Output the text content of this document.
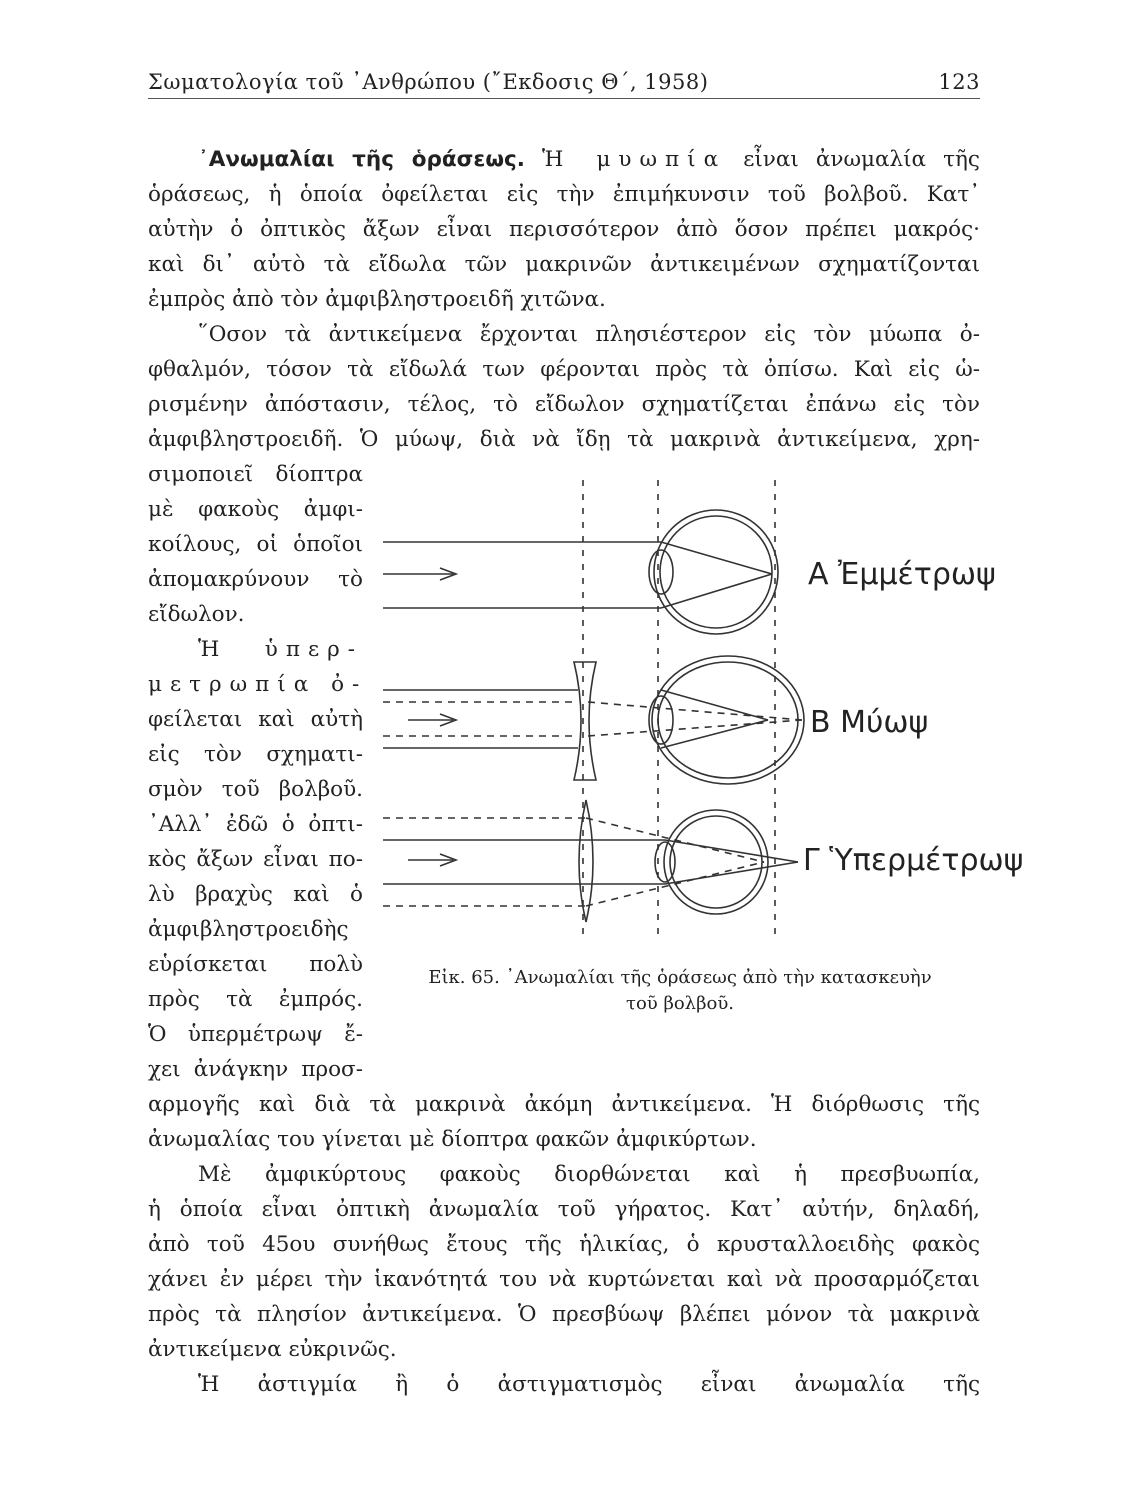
Σωματολογία τοῦ ᾿Ανθρώπου (῎Εκδοσις Θ΄, 1958)	123
᾿Ανωμαλίαι τῆς ὁράσεως. Ἡ μυωπία εἶναι ἀνωμαλία τῆς
ὁράσεως, ἡ ὁποία ὀφείλεται εἰς τὴν ἐπιμήκυνσιν τοῦ βολβοῦ. Κατ᾿
αὐτὴν ὁ ὀπτικὸς ἄξων εἶναι περισσότερον ἀπὸ ὅσον πρέπει μακρός·
καὶ δι᾿ αὐτὸ τὰ εἴδωλα τῶν μακρινῶν ἀντικειμένων σχηματίζονται
ἐμπρὸς ἀπὸ τὸν ἀμφιβληστροειδῆ χιτῶνα.
῞Οσον τὰ ἀντικείμενα ἔρχονται πλησιέστερον εἰς τὸν μύωπα ὀ-
φθαλμόν, τόσον τὰ εἴδωλά των φέρονται πρὸς τὰ ὀπίσω. Καὶ εἰς ὡ-
ρισμένην ἀπόστασιν, τέλος, τὸ εἴδωλον σχηματίζεται ἐπάνω εἰς τὸν
ἀμφιβληστροειδῆ. Ὁ μύωψ, διὰ νὰ ἴδῃ τὰ μακρινὰ ἀντικείμενα, χρη-
σιμοποιεῖ δίοπτρα
μὲ φακοὺς ἀμφι-
κοίλους, οἱ ὁποῖοι
ἀπομακρύνουν τὸ
εἴδωλον.
Ἡ ὑπερ-
μετρωπία ὀ-
φείλεται καὶ αὐτὴ
εἰς τὸν σχηματι-
σμὸν τοῦ βολβοῦ.
᾿Αλλ᾿ ἐδῶ ὁ ὀπτι-
κὸς ἄξων εἶναι πο-
λὺ βραχὺς καὶ ὁ
ἀμφιβληστροειδὴς
εὑρίσκεται πολὺ
πρὸς τὰ ἐμπρός.
Ὁ ὑπερμέτρωψ ἔ-
χει ἀνάγκην προσ-
αρμογῆς καὶ διὰ τὰ μακρινὰ ἀκόμη ἀντικείμενα. Ἡ διόρθωσις τῆς
ἀνωμαλίας του γίνεται μὲ δίοπτρα φακῶν ἀμφικύρτων.
Μὲ ἀμφικύρτους φακοὺς διορθώνεται καὶ ἡ πρεσβυωπία,
ἡ ὁποία εἶναι ὀπτικὴ ἀνωμαλία τοῦ γήρατος. Κατ᾿ αὐτήν, δηλαδή,
ἀπὸ τοῦ 45ου συνήθως ἔτους τῆς ἡλικίας, ὁ κρυσταλλοειδὴς φακὸς
χάνει ἐν μέρει τὴν ἱκανότητά του νὰ κυρτώνεται καὶ νὰ προσαρμόζεται
πρὸς τὰ πλησίον ἀντικείμενα. Ὁ πρεσβύωψ βλέπει μόνον τὰ μακρινὰ
ἀντικείμενα εὐκρινῶς.
Ἡ ἀστιγμία ἢ ὁ ἀστιγματισμὸς εἶναι ἀνωμαλία τῆς
Α Ἐμμέτρωψ
Β Μύωψ
Γ Ὑπερμέτρωψ
Εἰκ. 65. ᾿Ανωμαλίαι τῆς ὁράσεως ἀπὸ τὴν κατασκευὴν
τοῦ βολβοῦ.
